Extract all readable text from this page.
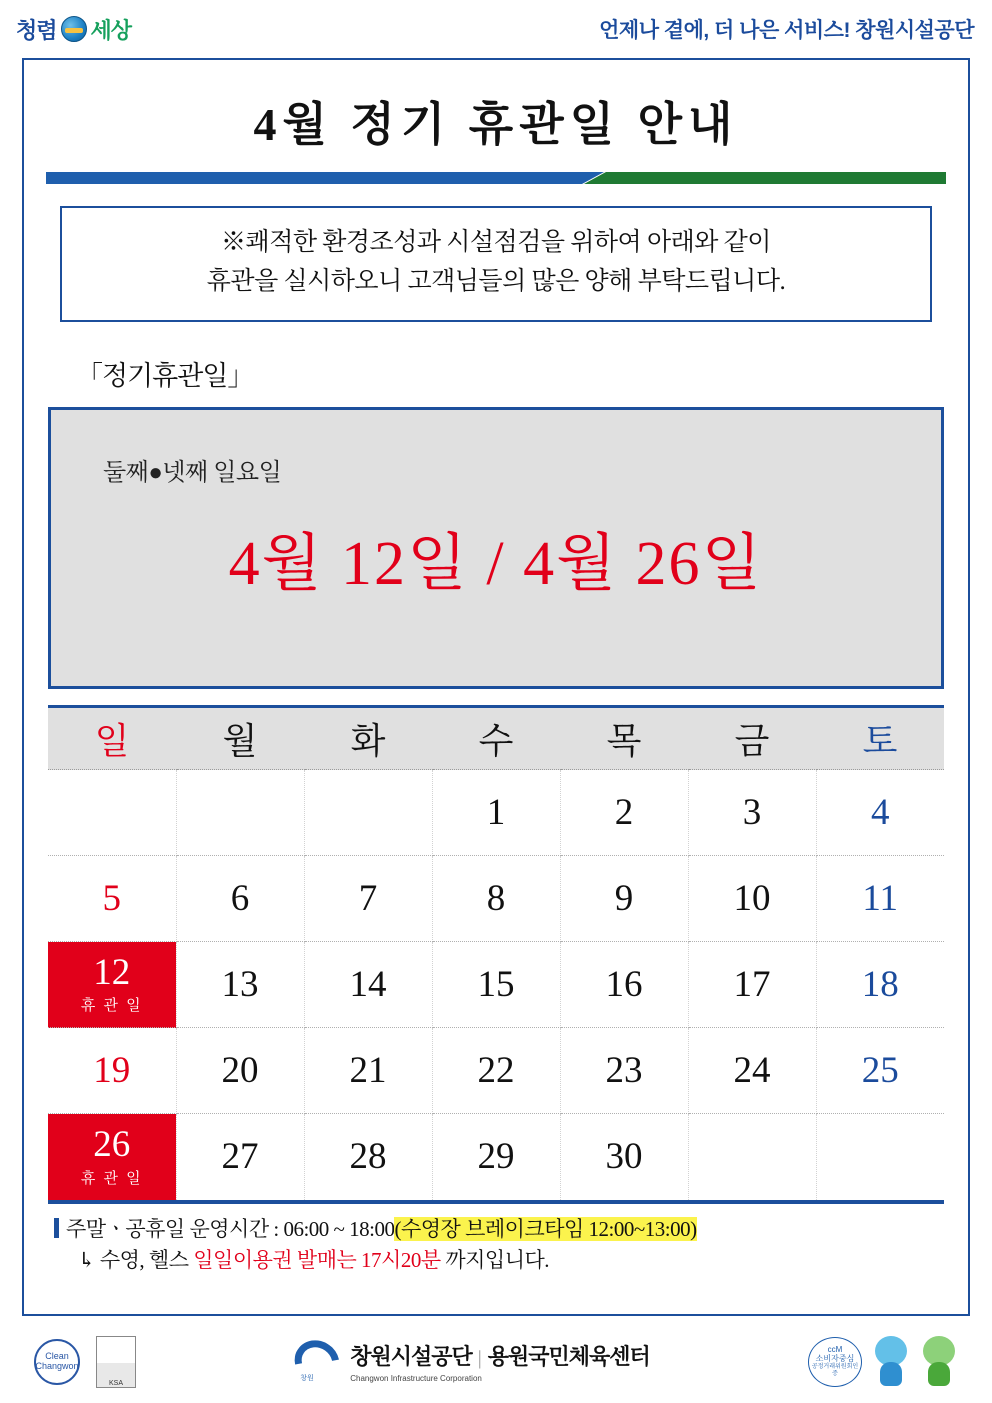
청렴 세상	언제나 곁에, 더 나은 서비스! 창원시설공단
4월 정기 휴관일 안내
※쾌적한 환경조성과 시설점검을 위하여 아래와 같이
휴관을 실시하오니 고객님들의 많은 양해 부탁드립니다.
「정기휴관일」
둘째●넷째 일요일
4월 12일 / 4월 26일
일	월	화	수	목	금	토
			1	2	3	4
5	6	7	8	9	10	11

12
휴 관 일	13	14	15	16	17	18
19	20	21	22	23	24	25

26
휴 관 일	27	28	29	30		
주말ㆍ공휴일 운영시간 : 06:00 ~ 18:00(수영장 브레이크타임 12:00~13:00)
↳ 수영, 헬스 일일이용권 발매는 17시20분 까지입니다.
Clean Changwon
KSA
창원
창원시설공단 | 용원국민체육센터
Changwon Infrastructure Corporation
ccM
소비자중심
공정거래위원회인증
